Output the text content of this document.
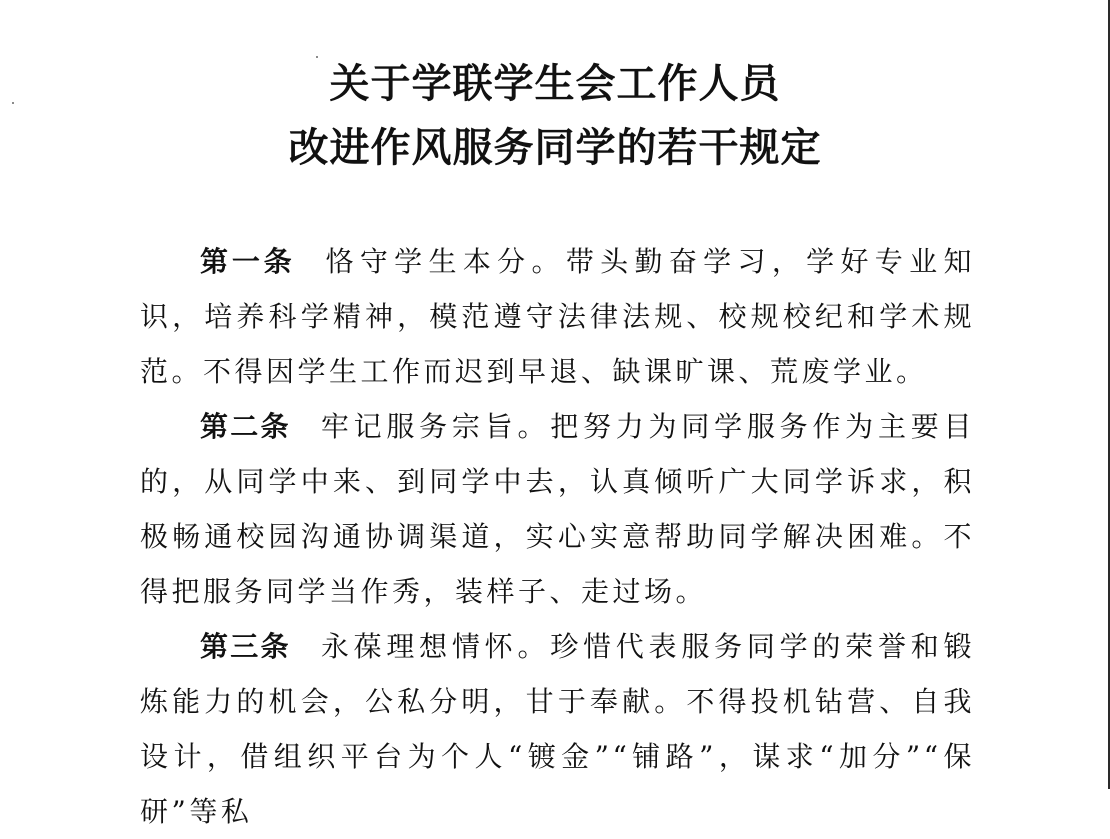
关于学联学生会工作人员
改进作风服务同学的若干规定

第一条 恪守学生本分。带头勤奋学习，学好专业知识，培养科学精神，模范遵守法律法规、校规校纪和学术规范。不得因学生工作而迟到早退、缺课旷课、荒废学业。

第二条 牢记服务宗旨。把努力为同学服务作为主要目的，从同学中来、到同学中去，认真倾听广大同学诉求，积极畅通校园沟通协调渠道，实心实意帮助同学解决困难。不得把服务同学当作秀，装样子、走过场。

第三条 永葆理想情怀。珍惜代表服务同学的荣誉和锻炼能力的机会，公私分明，甘于奉献。不得投机钻营、自我设计，借组织平台为个人“镀金”“铺路”，谋求“加分”“保研”等私
